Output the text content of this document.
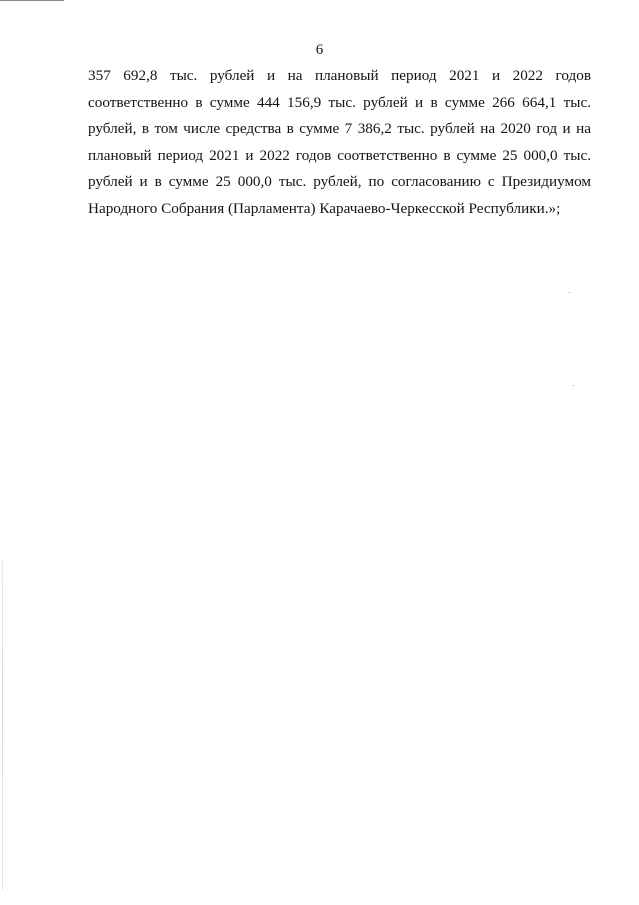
6
357 692,8 тыс. рублей и на плановый период 2021 и 2022 годов
соответственно в сумме 444 156,9 тыс. рублей и в сумме 266 664,1 тыс.
рублей, в том числе средства в сумме 7 386,2 тыс. рублей на 2020 год и на
плановый период 2021 и 2022 годов соответственно в сумме 25 000,0 тыс.
рублей и в сумме 25 000,0 тыс. рублей, по согласованию с Президиумом
Народного Собрания (Парламента) Карачаево-Черкесской Республики.»;
